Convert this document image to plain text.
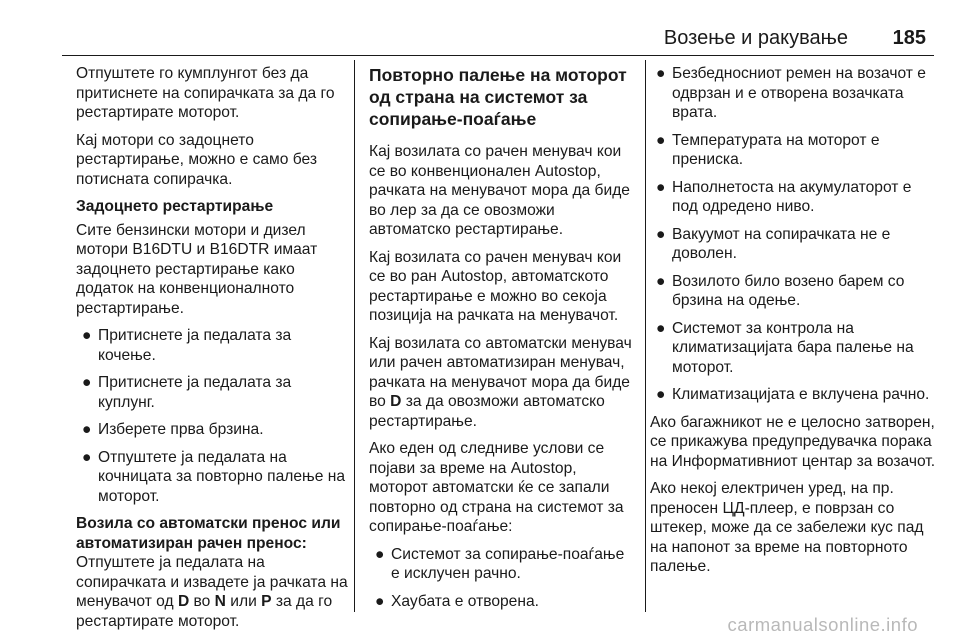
Возење и ракување 185

Отпуштете го кумплунгот без да притиснете на сопирачката за да го рестартирате моторот.

Кај мотори со задоцнето рестартирање, можно е само без потисната сопирачка.

Задоцнето рестартирање

Сите бензински мотори и дизел мотори B16DTU и B16DTR имаат задоцнето рестартирање како додаток на конвенционалното рестартирање.

● Притиснете ја педалата за кочење.
● Притиснете ја педалата за куплунг.
● Изберете прва брзина.
● Отпуштете ја педалата на кочницата за повторно палење на моторот.
Возила со автоматски пренос или автоматизиран рачен пренос:

Отпуштете ја педалата на сопирачката и извадете ја рачката на менувачот од D во N или P за да го рестартирате моторот.

Повторно палење на моторот од страна на системот за сопирање-поаѓање

Кај возилата со рачен менувач кои се во конвенционален Autostop, рачката на менувачот мора да биде во лер за да се овозможи автоматско рестартирање.

Кај возилата со рачен менувач кои се во ран Autostop, автоматското рестартирање е можно во секоја позиција на рачката на менувачот.

Кај возилата со автоматски менувач или рачен автоматизиран менувач, рачката на менувачот мора да биде во D за да овозможи автоматско рестартирање.

Ако еден од следниве услови се појави за време на Autostop, моторот автоматски ќе се запали повторно од страна на системот за сопирање-поаѓање:

● Системот за сопирање-поаѓање е исклучен рачно.
● Хаубата е отворена.
● Безбедносниот ремен на возачот е одврзан и е отворена возачката врата.
● Температурата на моторот е прениска.
● Наполнетоста на акумулаторот е под одредено ниво.
● Вакуумот на сопирачката не е доволен.
● Возилото било возено барем со брзина на одење.
● Системот за контрола на климатизацијата бара палење на моторот.
● Климатизацијата е вклучена рачно.

Ако багажникот не е целосно затворен, се прикажува предупредувачка порака на Информативниот центар за возачот.

Ако некој електричен уред, на пр. преносен ЦД-плеер, е поврзан со штекер, може да се забележи кус пад на напонот за време на повторното палење.

carmanualsonline.info
